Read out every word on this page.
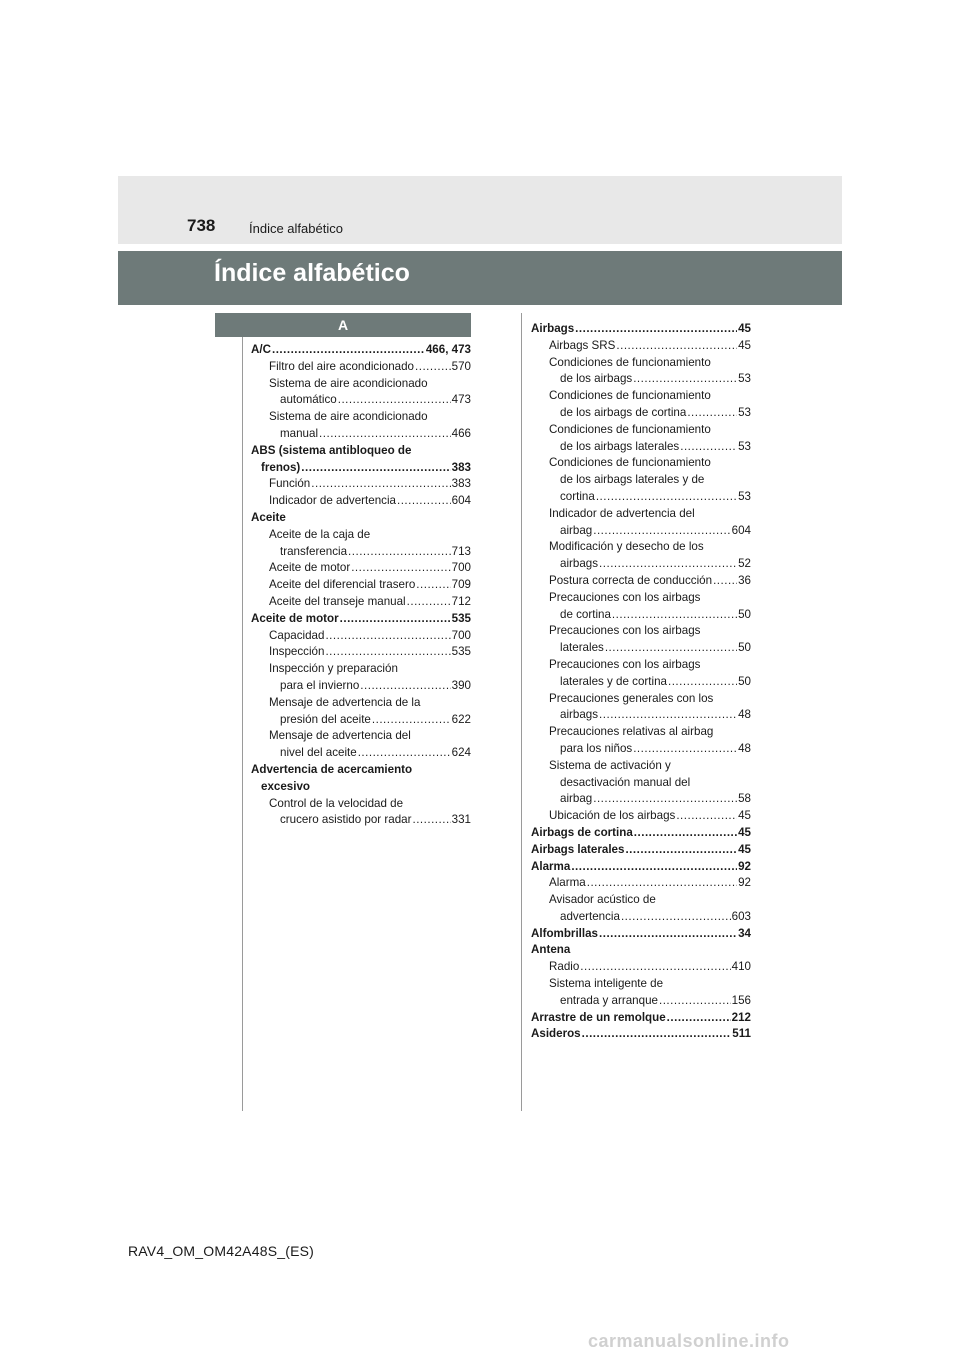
738	Índice alfabético
Índice alfabético
A
A/C .....	466, 473
Filtro del aire acondicionado .....	570
Sistema de aire acondicionado
automático .....	473
Sistema de aire acondicionado
manual .....	466
ABS (sistema antibloqueo de
frenos) .....	383
Función .....	383
Indicador de advertencia .....	604
Aceite
Aceite de la caja de
transferencia .....	713
Aceite de motor .....	700
Aceite del diferencial trasero .....	709
Aceite del transeje manual .....	712
Aceite de motor .....	535
Capacidad .....	700
Inspección .....	535
Inspección y preparación
para el invierno .....	390
Mensaje de advertencia de la
presión del aceite .....	622
Mensaje de advertencia del
nivel del aceite .....	624
Advertencia de acercamiento
excesivo
Control de la velocidad de
crucero asistido por radar .....	331
Airbags .....	45
Airbags SRS .....	45
Condiciones de funcionamiento
de los airbags .....	53
Condiciones de funcionamiento
de los airbags de cortina .....	53
Condiciones de funcionamiento
de los airbags laterales .....	53
Condiciones de funcionamiento
de los airbags laterales y de
cortina .....	53
Indicador de advertencia del
airbag .....	604
Modificación y desecho de los
airbags .....	52
Postura correcta de conducción ..... 36
Precauciones con los airbags
de cortina .....	50
Precauciones con los airbags
laterales .....	50
Precauciones con los airbags
laterales y de cortina .....	50
Precauciones generales con los
airbags .....	48
Precauciones relativas al airbag
para los niños .....	48
Sistema de activación y
desactivación manual del
airbag .....	58
Ubicación de los airbags .....	45
Airbags de cortina .....	45
Airbags laterales .....	45
Alarma .....	92
Alarma .....	92
Avisador acústico de
advertencia .....	603
Alfombrillas .....	34
Antena
Radio .....	410
Sistema inteligente de
entrada y arranque .....	156
Arrastre de un remolque .....	212
Asideros .....	511
RAV4_OM_OM42A48S_(ES)
carmanualsonline.info
